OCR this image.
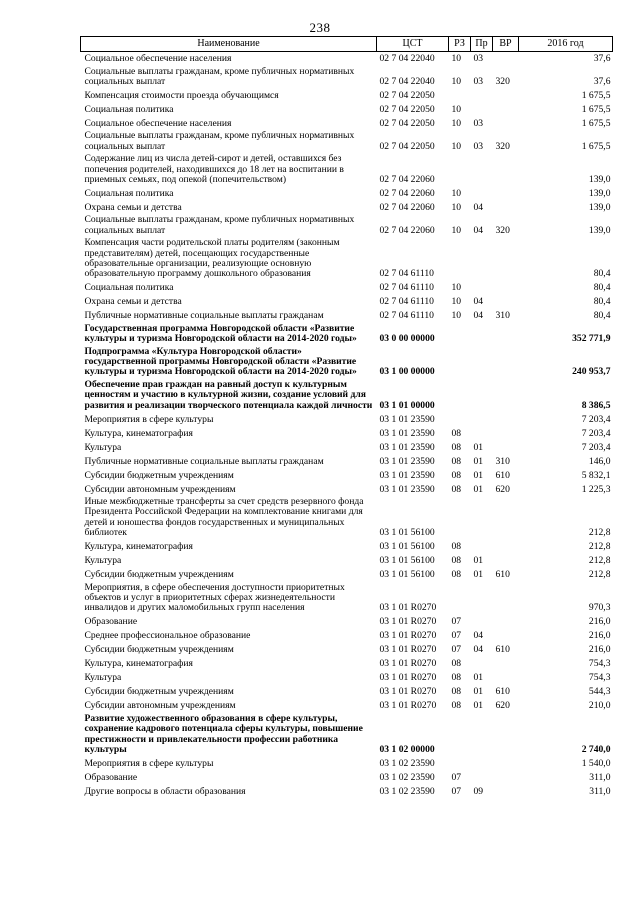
238
Наименование	ЦСТ	РЗ	Пр	ВР	2016 год
Социальное обеспечение населения	02 7 04 22040	10	03		37,6
Социальные выплаты гражданам, кроме публичных нормативных социальных выплат	02 7 04 22040	10	03	320	37,6
Компенсация стоимости проезда обучающимся	02 7 04 22050				1 675,5
Социальная политика	02 7 04 22050	10			1 675,5
Социальное обеспечение населения	02 7 04 22050	10	03		1 675,5
Социальные выплаты гражданам, кроме публичных нормативных социальных выплат	02 7 04 22050	10	03	320	1 675,5
Содержание лиц из числа детей-сирот и детей, оставшихся без попечения родителей, находившихся до 18 лет на воспитании в приемных семьях, под опекой (попечительством)	02 7 04 22060				139,0
Социальная политика	02 7 04 22060	10			139,0
Охрана семьи и детства	02 7 04 22060	10	04		139,0
Социальные выплаты гражданам, кроме публичных нормативных социальных выплат	02 7 04 22060	10	04	320	139,0
Компенсация части родительской платы родителям (законным представителям) детей, посещающих государственные образовательные организации, реализующие основную образовательную программу дошкольного образования	02 7 04 61110				80,4
Социальная политика	02 7 04 61110	10			80,4
Охрана семьи и детства	02 7 04 61110	10	04		80,4
Публичные нормативные социальные выплаты гражданам	02 7 04 61110	10	04	310	80,4
Государственная программа Новгородской области «Развитие культуры и туризма Новгородской области на 2014-2020 годы»	03 0 00 00000				352 771,9
Подпрограмма «Культура Новгородской области» государственной программы Новгородской области «Развитие культуры и туризма Новгородской области на 2014-2020 годы»	03 1 00 00000				240 953,7
Обеспечение прав граждан на равный доступ к культурным ценностям и участию в культурной жизни, создание условий для развития и реализации творческого потенциала каждой личности	03 1 01 00000				8 386,5
Мероприятия в сфере культуры	03 1 01 23590				7 203,4
Культура, кинематография	03 1 01 23590	08			7 203,4
Культура	03 1 01 23590	08	01		7 203,4
Публичные нормативные социальные выплаты гражданам	03 1 01 23590	08	01	310	146,0
Субсидии бюджетным учреждениям	03 1 01 23590	08	01	610	5 832,1
Субсидии автономным учреждениям	03 1 01 23590	08	01	620	1 225,3
Иные межбюджетные трансферты за счет средств резервного фонда Президента Российской Федерации на комплектование книгами для детей и юношества фондов государственных и муниципальных библиотек	03 1 01 56100				212,8
Культура, кинематография	03 1 01 56100	08			212,8
Культура	03 1 01 56100	08	01		212,8
Субсидии бюджетным учреждениям	03 1 01 56100	08	01	610	212,8
Мероприятия, в сфере обеспечения доступности приоритетных объектов и услуг в приоритетных сферах жизнедеятельности инвалидов и других маломобильных групп населения	03 1 01 R0270				970,3
Образование	03 1 01 R0270	07			216,0
Среднее профессиональное образование	03 1 01 R0270	07	04		216,0
Субсидии бюджетным учреждениям	03 1 01 R0270	07	04	610	216,0
Культура, кинематография	03 1 01 R0270	08			754,3
Культура	03 1 01 R0270	08	01		754,3
Субсидии бюджетным учреждениям	03 1 01 R0270	08	01	610	544,3
Субсидии автономным учреждениям	03 1 01 R0270	08	01	620	210,0
Развитие художественного образования в сфере культуры, сохранение кадрового потенциала сферы культуры, повышение престижности и привлекательности профессии работника культуры	03 1 02 00000				2 740,0
Мероприятия в сфере культуры	03 1 02 23590				1 540,0
Образование	03 1 02 23590	07			311,0
Другие вопросы в области образования	03 1 02 23590	07	09		311,0
